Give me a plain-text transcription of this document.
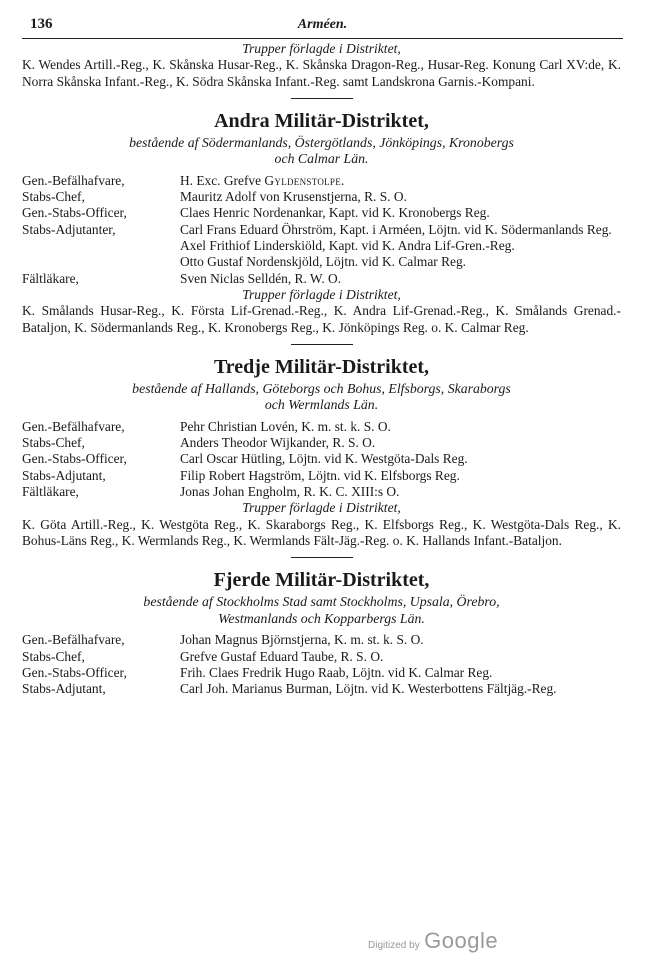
136	Arméen.

Trupper förlagde i Distriktet,

K. Wendes Artill.-Reg., K. Skånska Husar-Reg., K. Skånska Dragon-Reg., Husar-Reg. Konung Carl XV:de, K. Norra Skånska Infant.-Reg., K. Södra Skånska Infant.-Reg. samt Landskrona Garnis.-Kompani.

Andra Militär-Distriktet,

bestående af Södermanlands, Östergötlands, Jönköpings, Kronobergs
och Calmar Län.

Gen.-Befälhafvare,	H. Exc. Grefve Gyldenstolpe.
Stabs-Chef,	Mauritz Adolf von Krusenstjerna, R. S. O.
Gen.-Stabs-Officer,	Claes Henric Nordenankar, Kapt. vid K. Kronobergs Reg.
Stabs-Adjutanter,	Carl Frans Eduard Öhrström, Kapt. i Arméen, Löjtn. vid K. Södermanlands Reg.
Axel Frithiof Linderskiöld, Kapt. vid K. Andra Lif-Gren.-Reg.
Otto Gustaf Nordenskjöld, Löjtn. vid K. Calmar Reg.
Fältläkare,	Sven Niclas Selldén, R. W. O.

Trupper förlagde i Distriktet,

K. Smålands Husar-Reg., K. Första Lif-Grenad.-Reg., K. Andra Lif-Grenad.-Reg., K. Smålands Grenad.-Bataljon, K. Södermanlands Reg., K. Kronobergs Reg., K. Jönköpings Reg. o. K. Calmar Reg.

Tredje Militär-Distriktet,

bestående af Hallands, Göteborgs och Bohus, Elfsborgs, Skaraborgs
och Wermlands Län.

Gen.-Befälhafvare,	Pehr Christian Lovén, K. m. st. k. S. O.
Stabs-Chef,	Anders Theodor Wijkander, R. S. O.
Gen.-Stabs-Officer,	Carl Oscar Hütling, Löjtn. vid K. Westgöta-Dals Reg.
Stabs-Adjutant,	Filip Robert Hagström, Löjtn. vid K. Elfsborgs Reg.
Fältläkare,	Jonas Johan Engholm, R. K. C. XIII:s O.

Trupper förlagde i Distriktet,

K. Göta Artill.-Reg., K. Westgöta Reg., K. Skaraborgs Reg., K. Elfsborgs Reg., K. Westgöta-Dals Reg., K. Bohus-Läns Reg., K. Wermlands Reg., K. Wermlands Fält-Jäg.-Reg. o. K. Hallands Infant.-Bataljon.

Fjerde Militär-Distriktet,

bestående af Stockholms Stad samt Stockholms, Upsala, Örebro,
Westmanlands och Kopparbergs Län.

Gen.-Befälhafvare,	Johan Magnus Björnstjerna, K. m. st. k. S. O.
Stabs-Chef,	Grefve Gustaf Eduard Taube, R. S. O.
Gen.-Stabs-Officer,	Frih. Claes Fredrik Hugo Raab, Löjtn. vid K. Calmar Reg.
Stabs-Adjutant,	Carl Joh. Marianus Burman, Löjtn. vid K. Westerbottens Fältjäg.-Reg.
Digitized by Google
